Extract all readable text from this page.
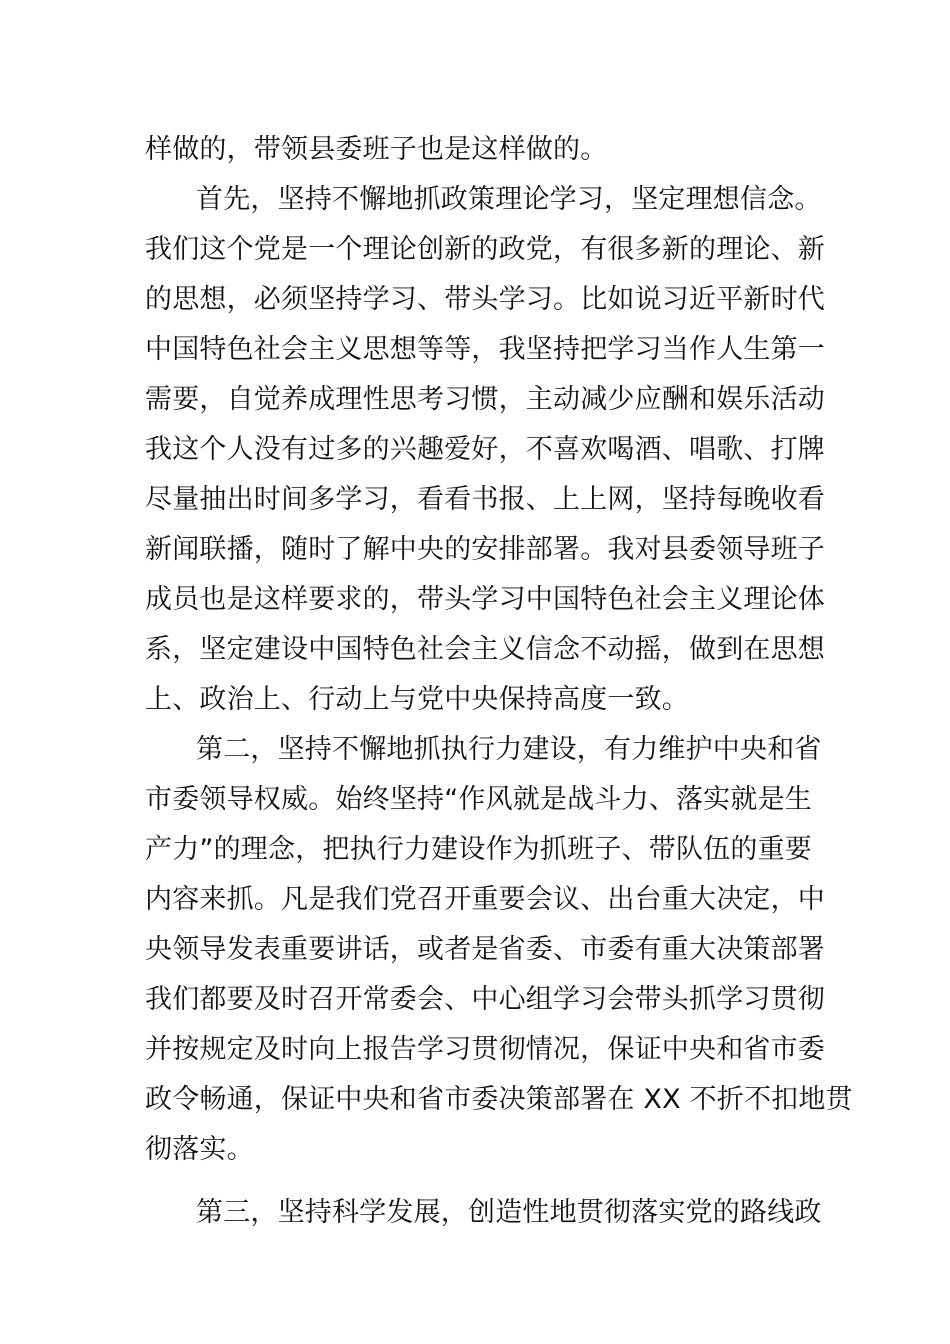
样做的，带领县委班子也是这样做的。
首先，坚持不懈地抓政策理论学习，坚定理想信念。
我们这个党是一个理论创新的政党，有很多新的理论、新
的思想，必须坚持学习、带头学习。比如说习近平新时代
中国特色社会主义思想等等，我坚持把学习当作人生第一
需要，自觉养成理性思考习惯，主动减少应酬和娱乐活动
我这个人没有过多的兴趣爱好，不喜欢喝酒、唱歌、打牌
尽量抽出时间多学习，看看书报、上上网，坚持每晚收看
新闻联播，随时了解中央的安排部署。我对县委领导班子
成员也是这样要求的，带头学习中国特色社会主义理论体
系，坚定建设中国特色社会主义信念不动摇，做到在思想
上、政治上、行动上与党中央保持高度一致。
第二，坚持不懈地抓执行力建设，有力维护中央和省
市委领导权威。始终坚持“作风就是战斗力、落实就是生
产力”的理念，把执行力建设作为抓班子、带队伍的重要
内容来抓。凡是我们党召开重要会议、出台重大决定，中
央领导发表重要讲话，或者是省委、市委有重大决策部署
我们都要及时召开常委会、中心组学习会带头抓学习贯彻
并按规定及时向上报告学习贯彻情况，保证中央和省市委
政令畅通，保证中央和省市委决策部署在 XX 不折不扣地贯
彻落实。
第三，坚持科学发展，创造性地贯彻落实党的路线政
